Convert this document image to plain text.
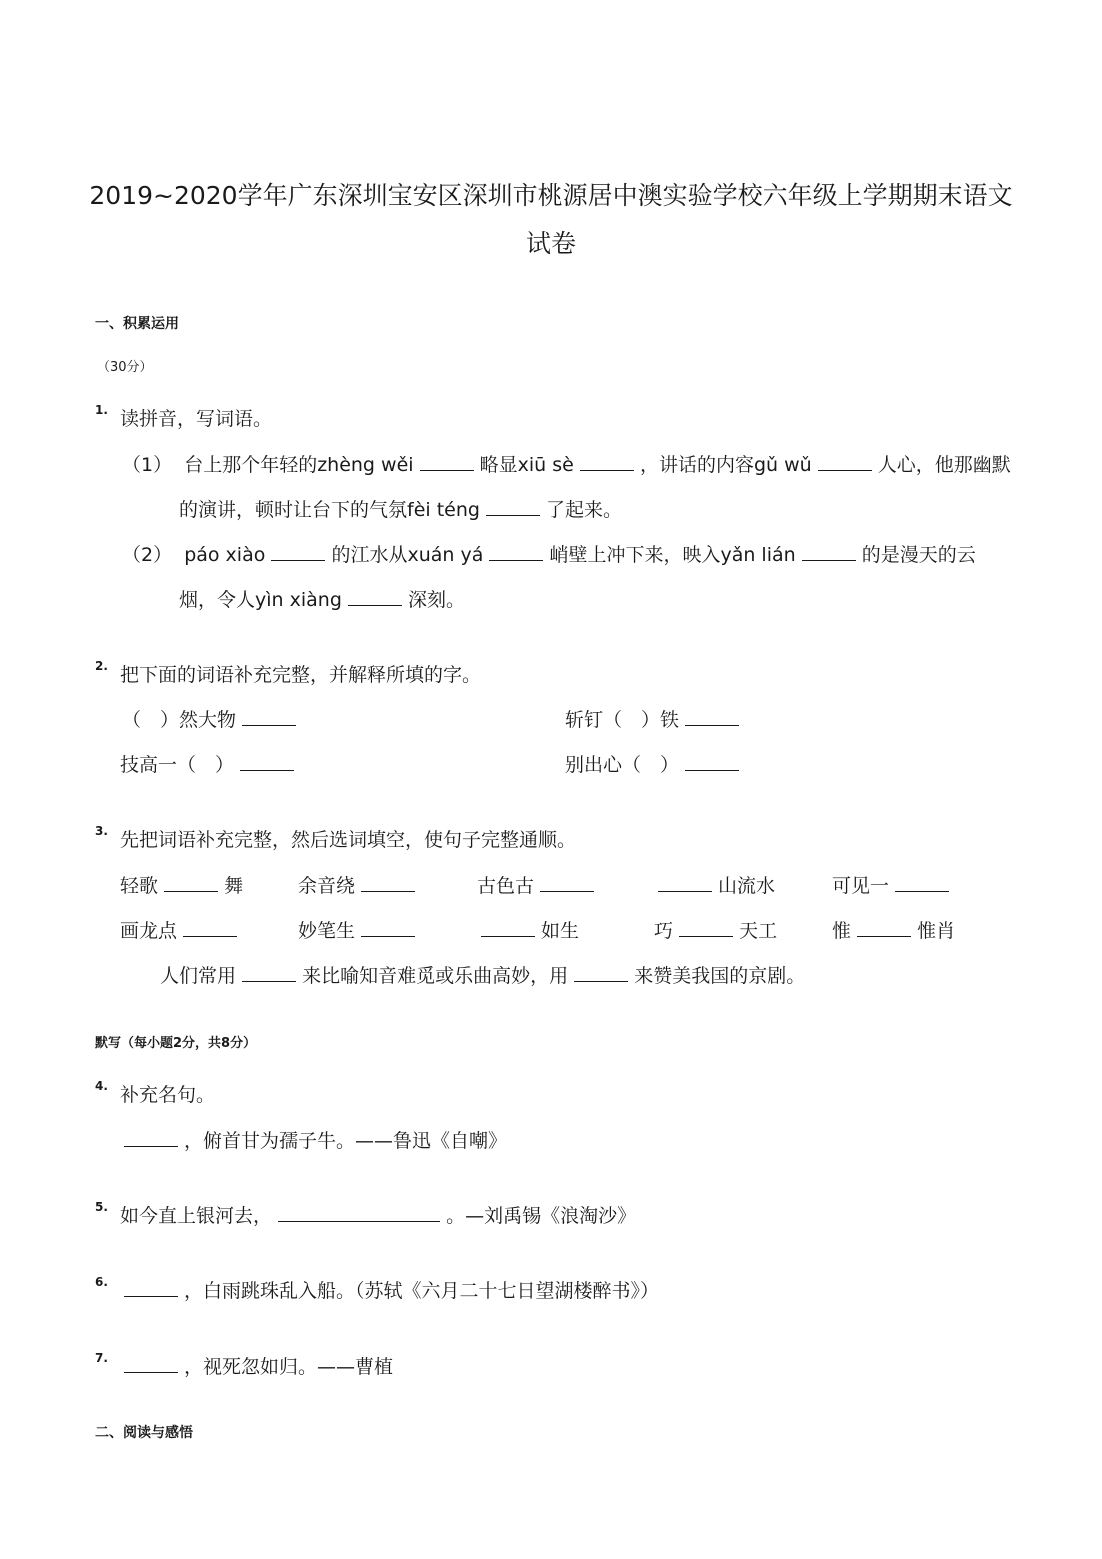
2019~2020学年广东深圳宝安区深圳市桃源居中澳实验学校六年级上学期期末语文
试卷
一、积累运用
（30分）
1. 读拼音，写词语。
（1） 台上那个年轻的zhèng wěi	略显xiū sè	，讲话的内容gǔ wǔ	人心，他那幽默
的演讲，顿时让台下的气氛fèi téng	了起来。
（2） páo xiào	的江水从xuán yá	峭壁上冲下来，映入yǎn lián	的是漫天的云
烟，令人yìn xiàng	深刻。
2. 把下面的词语补充完整，并解释所填的字。
（　）然大物	斩钉（　）铁
技高一（　）	别出心（　）
3. 先把词语补充完整，然后选词填空，使句子完整通顺。
轻歌	舞	余音绕	古色古	山流水	可见一
画龙点	妙笔生	如生	巧	天工	惟	惟肖
人们常用	来比喻知音难觅或乐曲高妙，用	来赞美我国的京剧。
默写（每小题2分，共8分）
4. 补充名句。
，俯首甘为孺子牛。——鲁迅《自嘲》
5. 如今直上银河去，	。—刘禹锡《浪淘沙》
6.	，白雨跳珠乱入船。（苏轼《六月二十七日望湖楼醉书》）
7.	，视死忽如归。——曹植
二、阅读与感悟
